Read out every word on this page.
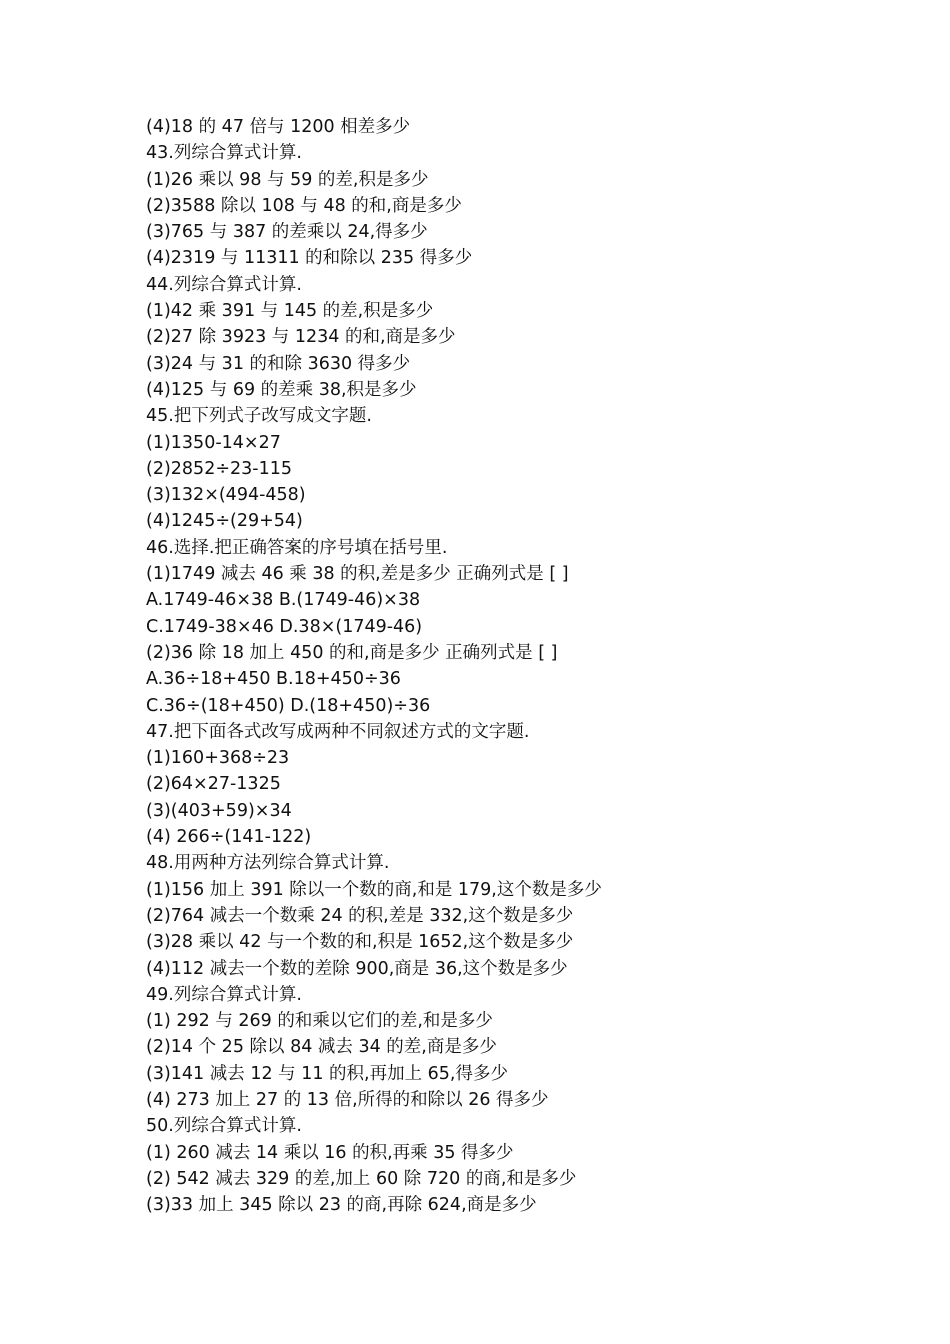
(4)18 的 47 倍与 1200 相差多少
43.列综合算式计算.
(1)26 乘以 98 与 59 的差,积是多少
(2)3588 除以 108 与 48 的和,商是多少
(3)765 与 387 的差乘以 24,得多少
(4)2319 与 11311 的和除以 235 得多少
44.列综合算式计算.
(1)42 乘 391 与 145 的差,积是多少
(2)27 除 3923 与 1234 的和,商是多少
(3)24 与 31 的和除 3630 得多少
(4)125 与 69 的差乘 38,积是多少
45.把下列式子改写成文字题.
(1)1350-14×27
(2)2852÷23-115
(3)132×(494-458)
(4)1245÷(29+54)
46.选择.把正确答案的序号填在括号里.
(1)1749 减去 46 乘 38 的积,差是多少 正确列式是 [ ]
A.1749-46×38 B.(1749-46)×38
C.1749-38×46 D.38×(1749-46)
(2)36 除 18 加上 450 的和,商是多少 正确列式是 [ ]
A.36÷18+450 B.18+450÷36
C.36÷(18+450) D.(18+450)÷36
47.把下面各式改写成两种不同叙述方式的文字题.
(1)160+368÷23
(2)64×27-1325
(3)(403+59)×34
(4) 266÷(141-122)
48.用两种方法列综合算式计算.
(1)156 加上 391 除以一个数的商,和是 179,这个数是多少
(2)764 减去一个数乘 24 的积,差是 332,这个数是多少
(3)28 乘以 42 与一个数的和,积是 1652,这个数是多少
(4)112 减去一个数的差除 900,商是 36,这个数是多少
49.列综合算式计算.
(1) 292 与 269 的和乘以它们的差,和是多少
(2)14 个 25 除以 84 减去 34 的差,商是多少
(3)141 减去 12 与 11 的积,再加上 65,得多少
(4) 273 加上 27 的 13 倍,所得的和除以 26 得多少
50.列综合算式计算.
(1) 260 减去 14 乘以 16 的积,再乘 35 得多少
(2) 542 减去 329 的差,加上 60 除 720 的商,和是多少
(3)33 加上 345 除以 23 的商,再除 624,商是多少
